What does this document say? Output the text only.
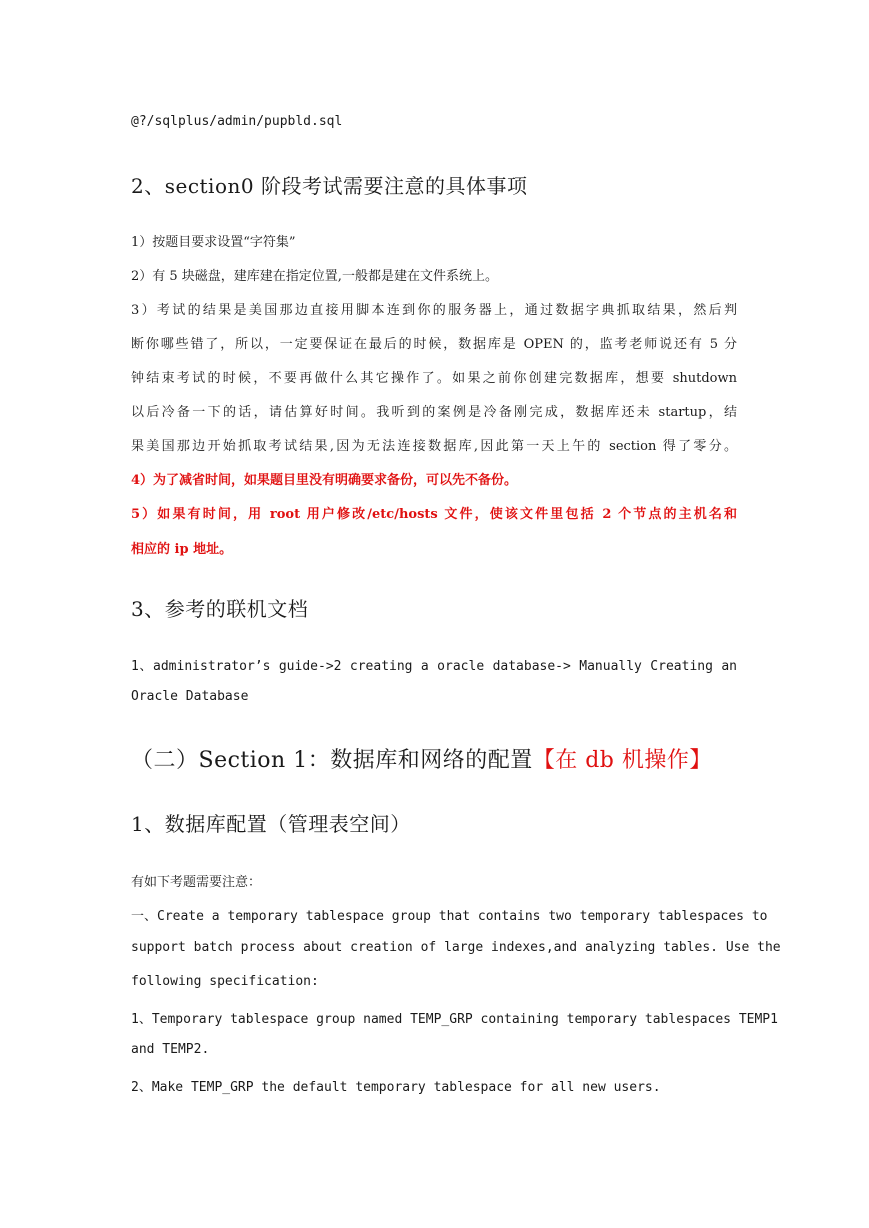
@?/sqlplus/admin/pupbld.sql

2、section0 阶段考试需要注意的具体事项

1）按题目要求设置“字符集”

2）有 5 块磁盘，建库建在指定位置,一般都是建在文件系统上。

3）考试的结果是美国那边直接用脚本连到你的服务器上，通过数据字典抓取结果，然后判

断你哪些错了，所以，一定要保证在最后的时候，数据库是 OPEN 的，监考老师说还有 5 分

钟结束考试的时候，不要再做什么其它操作了。如果之前你创建完数据库，想要 shutdown

以后冷备一下的话，请估算好时间。我听到的案例是冷备刚完成，数据库还未 startup，结

果美国那边开始抓取考试结果,因为无法连接数据库,因此第一天上午的 section 得了零分。

4）为了减省时间，如果题目里没有明确要求备份，可以先不备份。

5）如果有时间，用 root 用户修改/etc/hosts 文件，使该文件里包括 2 个节点的主机名和

相应的 ip 地址。

3、参考的联机文档

1、administrator’s guide->2 creating a oracle database-> Manually Creating an

Oracle Database

（二）Section 1：数据库和网络的配置【在 db 机操作】

1、数据库配置（管理表空间）

有如下考题需要注意：

一、Create a temporary tablespace group that contains two temporary tablespaces to

support batch process about creation of large indexes,and analyzing tables. Use the

following specification:

1、Temporary tablespace group named TEMP_GRP containing temporary tablespaces TEMP1

and TEMP2.

2、Make TEMP_GRP the default temporary tablespace for all new users.
